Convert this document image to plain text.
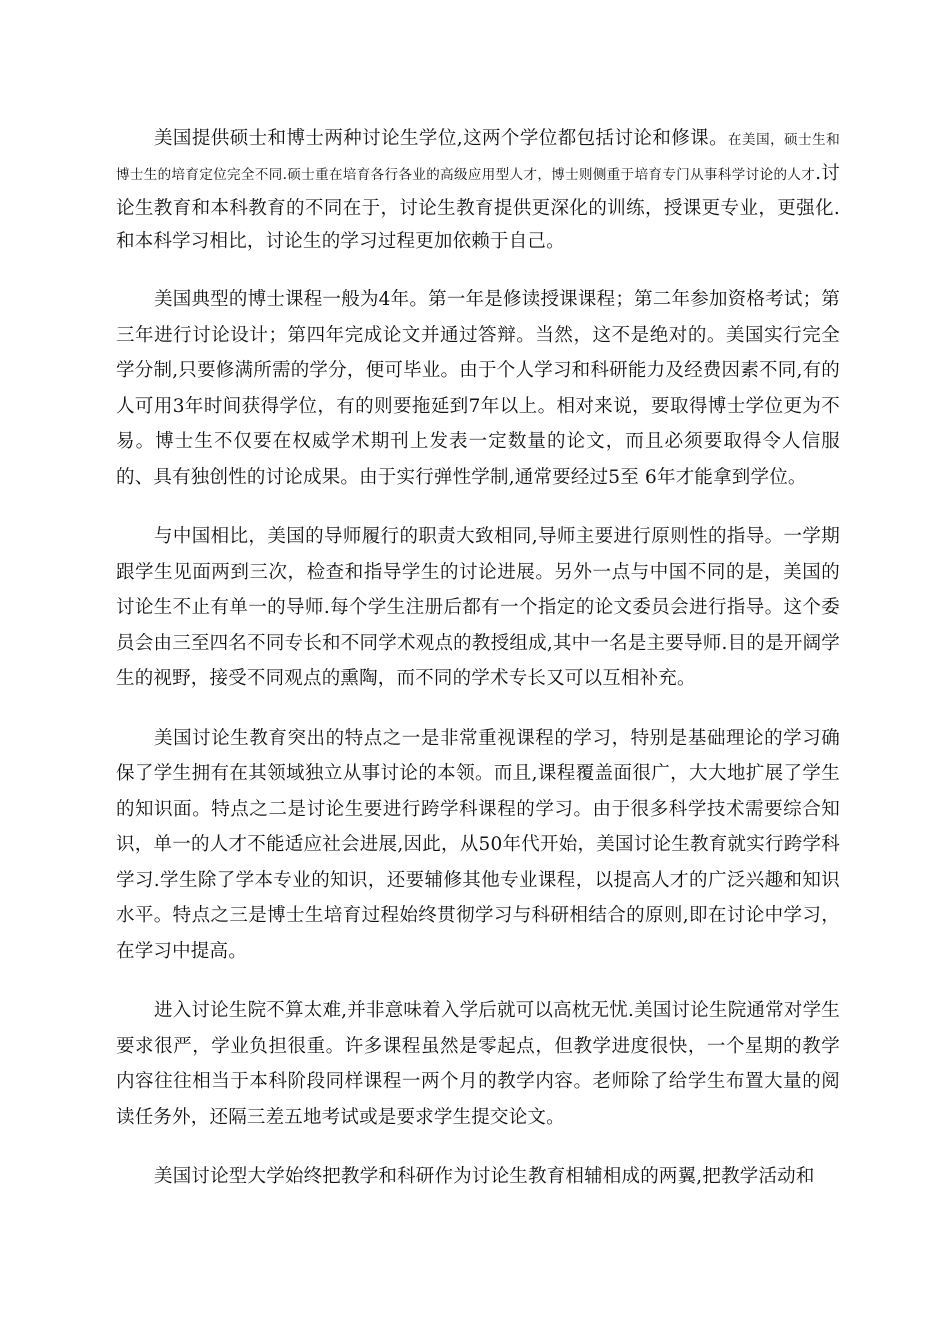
美国提供硕士和博士两种讨论生学位,这两个学位都包括讨论和修课。在美国，硕士生和博士生的培育定位完全不同.硕士重在培育各行各业的高级应用型人才，博士则侧重于培育专门从事科学讨论的人才.讨论生教育和本科教育的不同在于，讨论生教育提供更深化的训练，授课更专业，更强化.和本科学习相比，讨论生的学习过程更加依赖于自己。

美国典型的博士课程一般为4年。第一年是修读授课课程；第二年参加资格考试；第三年进行讨论设计；第四年完成论文并通过答辩。当然，这不是绝对的。美国实行完全学分制,只要修满所需的学分，便可毕业。由于个人学习和科研能力及经费因素不同,有的人可用3年时间获得学位，有的则要拖延到7年以上。相对来说，要取得博士学位更为不易。博士生不仅要在权威学术期刊上发表一定数量的论文，而且必须要取得令人信服的、具有独创性的讨论成果。由于实行弹性学制,通常要经过5至 6年才能拿到学位。

与中国相比，美国的导师履行的职责大致相同,导师主要进行原则性的指导。一学期跟学生见面两到三次，检查和指导学生的讨论进展。另外一点与中国不同的是，美国的讨论生不止有单一的导师.每个学生注册后都有一个指定的论文委员会进行指导。这个委员会由三至四名不同专长和不同学术观点的教授组成,其中一名是主要导师.目的是开阔学生的视野，接受不同观点的熏陶，而不同的学术专长又可以互相补充。

美国讨论生教育突出的特点之一是非常重视课程的学习，特别是基础理论的学习确保了学生拥有在其领域独立从事讨论的本领。而且,课程覆盖面很广，大大地扩展了学生的知识面。特点之二是讨论生要进行跨学科课程的学习。由于很多科学技术需要综合知识，单一的人才不能适应社会进展,因此，从50年代开始，美国讨论生教育就实行跨学科学习.学生除了学本专业的知识，还要辅修其他专业课程，以提高人才的广泛兴趣和知识水平。特点之三是博士生培育过程始终贯彻学习与科研相结合的原则,即在讨论中学习，在学习中提高。

进入讨论生院不算太难,并非意味着入学后就可以高枕无忧.美国讨论生院通常对学生要求很严，学业负担很重。许多课程虽然是零起点，但教学进度很快，一个星期的教学内容往往相当于本科阶段同样课程一两个月的教学内容。老师除了给学生布置大量的阅读任务外，还隔三差五地考试或是要求学生提交论文。

美国讨论型大学始终把教学和科研作为讨论生教育相辅相成的两翼,把教学活动和
